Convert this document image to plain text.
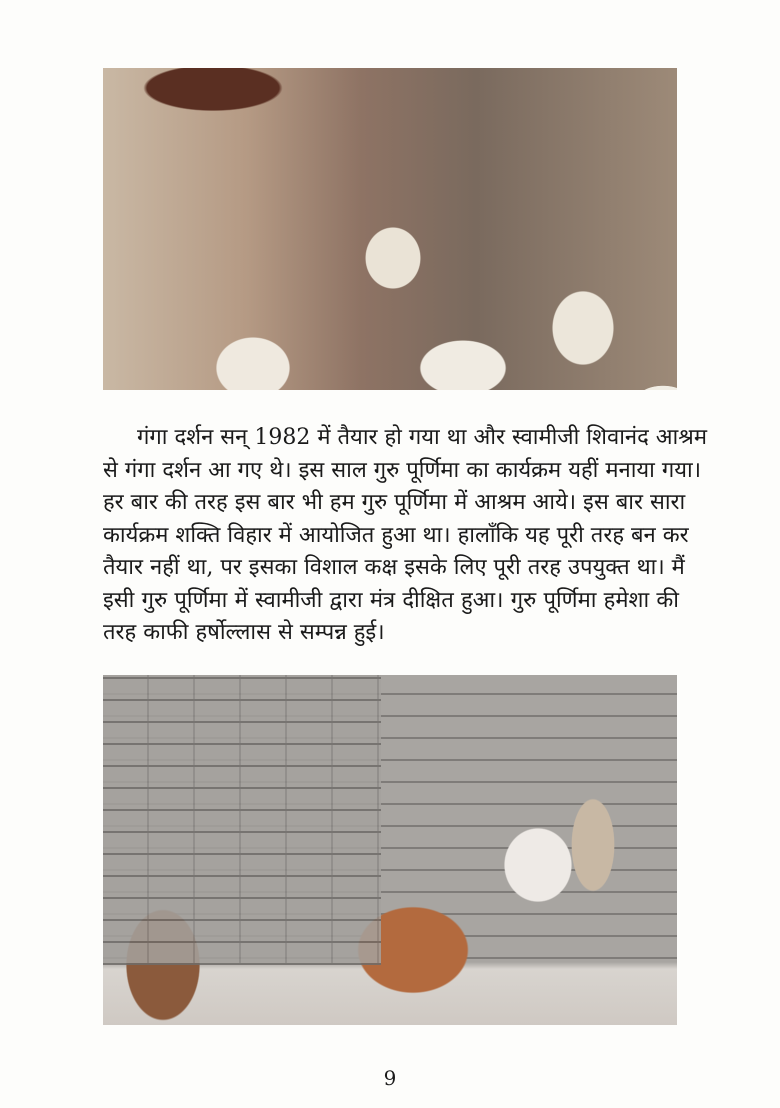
गंगा दर्शन सन् 1982 में तैयार हो गया था और स्वामीजी शिवानंद आश्रम
से गंगा दर्शन आ गए थे। इस साल गुरु पूर्णिमा का कार्यक्रम यहीं मनाया गया।
हर बार की तरह इस बार भी हम गुरु पूर्णिमा में आश्रम आये। इस बार सारा
कार्यक्रम शक्ति विहार में आयोजित हुआ था। हालाँकि यह पूरी तरह बन कर
तैयार नहीं था, पर इसका विशाल कक्ष इसके लिए पूरी तरह उपयुक्त था। मैं
इसी गुरु पूर्णिमा में स्वामीजी द्वारा मंत्र दीक्षित हुआ। गुरु पूर्णिमा हमेशा की
तरह काफी हर्षोल्लास से सम्पन्न हुई।
9
